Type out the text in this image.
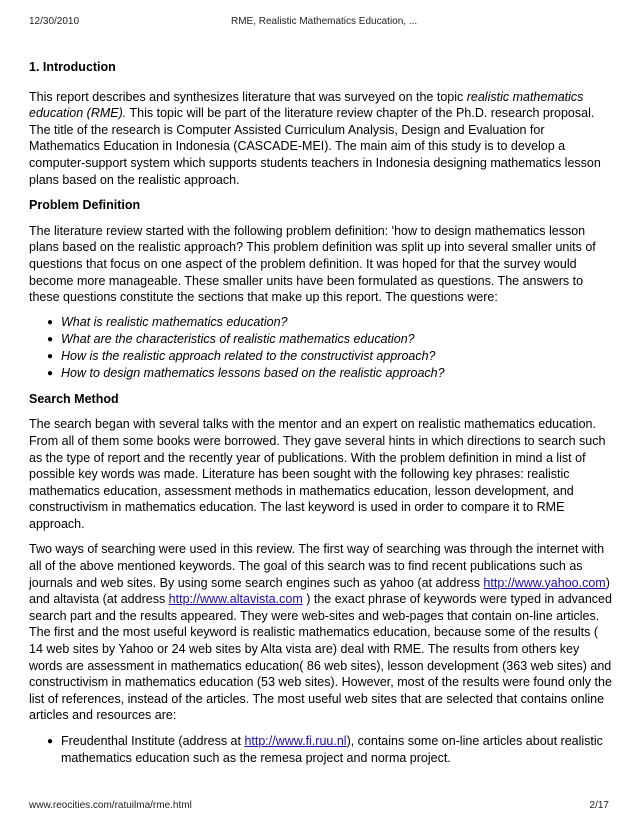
12/30/2010	RME, Realistic Mathematics Education, ...
1. Introduction

This report describes and synthesizes literature that was surveyed on the topic realistic mathematics education (RME). This topic will be part of the literature review chapter of the Ph.D. research proposal. The title of the research is Computer Assisted Curriculum Analysis, Design and Evaluation for Mathematics Education in Indonesia (CASCADE-MEI). The main aim of this study is to develop a computer-support system which supports students teachers in Indonesia designing mathematics lesson plans based on the realistic approach.

Problem Definition

The literature review started with the following problem definition: 'how to design mathematics lesson plans based on the realistic approach? This problem definition was split up into several smaller units of questions that focus on one aspect of the problem definition. It was hoped for that the survey would become more manageable. These smaller units have been formulated as questions. The answers to these questions constitute the sections that make up this report. The questions were:

● What is realistic mathematics education?
● What are the characteristics of realistic mathematics education?
● How is the realistic approach related to the constructivist approach?
● How to design mathematics lessons based on the realistic approach?
Search Method

The search began with several talks with the mentor and an expert on realistic mathematics education. From all of them some books were borrowed. They gave several hints in which directions to search such as the type of report and the recently year of publications. With the problem definition in mind a list of possible key words was made. Literature has been sought with the following key phrases: realistic mathematics education, assessment methods in mathematics education, lesson development, and constructivism in mathematics education. The last keyword is used in order to compare it to RME approach.

Two ways of searching were used in this review. The first way of searching was through the internet with all of the above mentioned keywords. The goal of this search was to find recent publications such as journals and web sites. By using some search engines such as yahoo (at address http://www.yahoo.com) and altavista (at address http://www.altavista.com ) the exact phrase of keywords were typed in advanced search part and the results appeared. They were web-sites and web-pages that contain on-line articles. The first and the most useful keyword is realistic mathematics education, because some of the results ( 14 web sites by Yahoo or 24 web sites by Alta vista are) deal with RME. The results from others key words are assessment in mathematics education( 86 web sites), lesson development (363 web sites) and constructivism in mathematics education (53 web sites). However, most of the results were found only the list of references, instead of the articles. The most useful web sites that are selected that contains online articles and resources are:

● Freudenthal Institute (address at http://www.fi.ruu.nl), contains some on-line articles about realistic mathematics education such as the remesa project and norma project.
www.reocities.com/ratuilma/rme.html	2/17
